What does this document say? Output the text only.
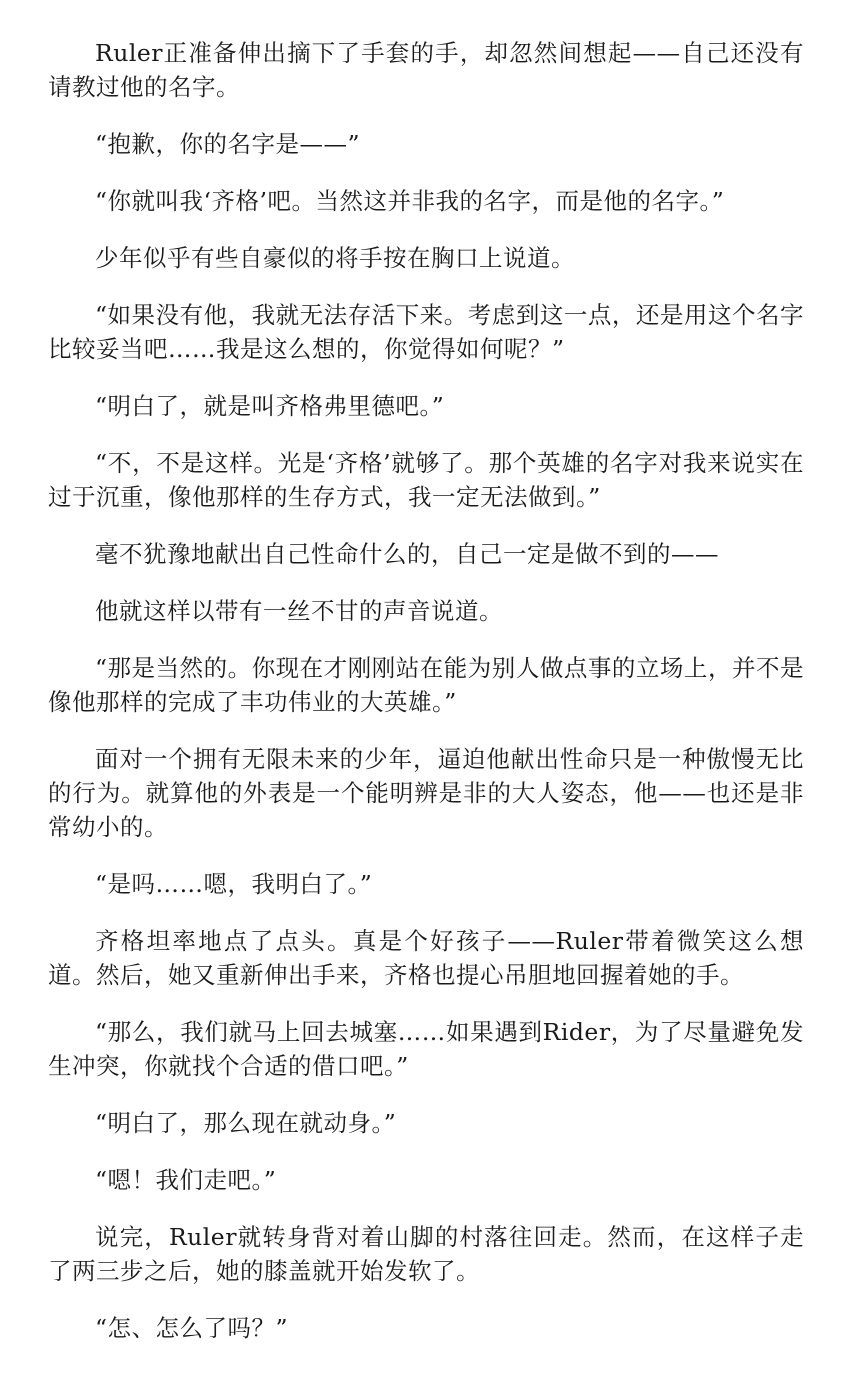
Ruler正准备伸出摘下了手套的手，却忽然间想起——自己还没有请教过他的名字。

“抱歉，你的名字是——”

“你就叫我‘齐格’吧。当然这并非我的名字，而是他的名字。”

少年似乎有些自豪似的将手按在胸口上说道。

“如果没有他，我就无法存活下来。考虑到这一点，还是用这个名字比较妥当吧……我是这么想的，你觉得如何呢？”

“明白了，就是叫齐格弗里德吧。”

“不，不是这样。光是‘齐格’就够了。那个英雄的名字对我来说实在过于沉重，像他那样的生存方式，我一定无法做到。”

毫不犹豫地献出自己性命什么的，自己一定是做不到的——

他就这样以带有一丝不甘的声音说道。

“那是当然的。你现在才刚刚站在能为别人做点事的立场上，并不是像他那样的完成了丰功伟业的大英雄。”

面对一个拥有无限未来的少年，逼迫他献出性命只是一种傲慢无比的行为。就算他的外表是一个能明辨是非的大人姿态，他——也还是非常幼小的。

“是吗……嗯，我明白了。”

齐格坦率地点了点头。真是个好孩子——Ruler带着微笑这么想道。然后，她又重新伸出手来，齐格也提心吊胆地回握着她的手。

“那么，我们就马上回去城塞……如果遇到Rider，为了尽量避免发生冲突，你就找个合适的借口吧。”

“明白了，那么现在就动身。”

“嗯！我们走吧。”

说完，Ruler就转身背对着山脚的村落往回走。然而，在这样子走了两三步之后，她的膝盖就开始发软了。

“怎、怎么了吗？”
